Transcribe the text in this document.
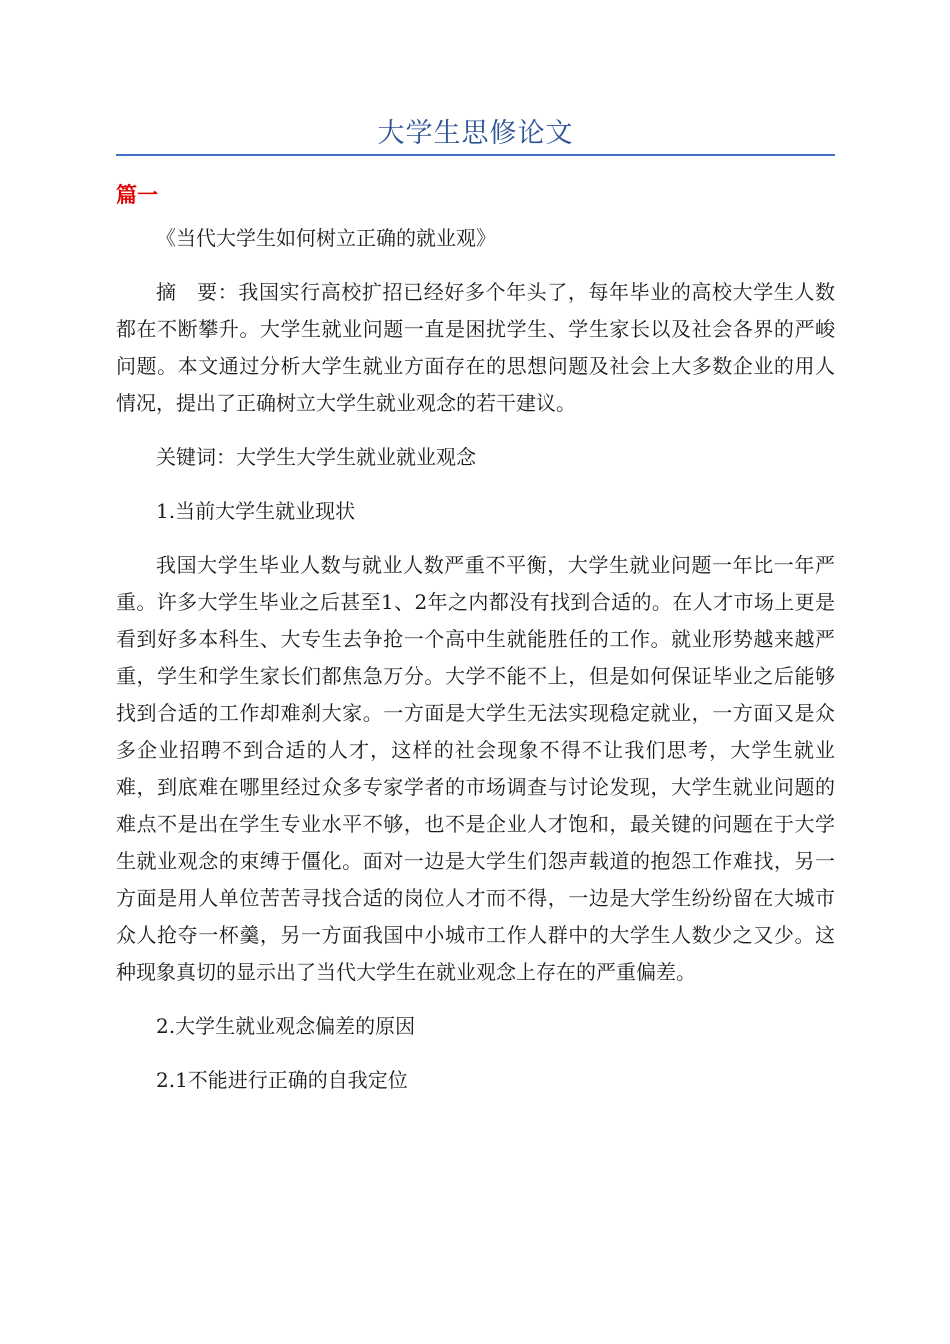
大学生思修论文
篇一

《当代大学生如何树立正确的就业观》

摘　要：我国实行高校扩招已经好多个年头了，每年毕业的高校大学生人数都在不断攀升。大学生就业问题一直是困扰学生、学生家长以及社会各界的严峻问题。本文通过分析大学生就业方面存在的思想问题及社会上大多数企业的用人情况，提出了正确树立大学生就业观念的若干建议。

关键词：大学生大学生就业就业观念

1.当前大学生就业现状

我国大学生毕业人数与就业人数严重不平衡，大学生就业问题一年比一年严重。许多大学生毕业之后甚至1、2年之内都没有找到合适的。在人才市场上更是看到好多本科生、大专生去争抢一个高中生就能胜任的工作。就业形势越来越严重，学生和学生家长们都焦急万分。大学不能不上，但是如何保证毕业之后能够找到合适的工作却难刹大家。一方面是大学生无法实现稳定就业，一方面又是众多企业招聘不到合适的人才，这样的社会现象不得不让我们思考，大学生就业难，到底难在哪里经过众多专家学者的市场调查与讨论发现，大学生就业问题的难点不是出在学生专业水平不够，也不是企业人才饱和，最关键的问题在于大学生就业观念的束缚于僵化。面对一边是大学生们怨声载道的抱怨工作难找，另一方面是用人单位苦苦寻找合适的岗位人才而不得，一边是大学生纷纷留在大城市众人抢夺一杯羹，另一方面我国中小城市工作人群中的大学生人数少之又少。这种现象真切的显示出了当代大学生在就业观念上存在的严重偏差。

2.大学生就业观念偏差的原因

2.1不能进行正确的自我定位
